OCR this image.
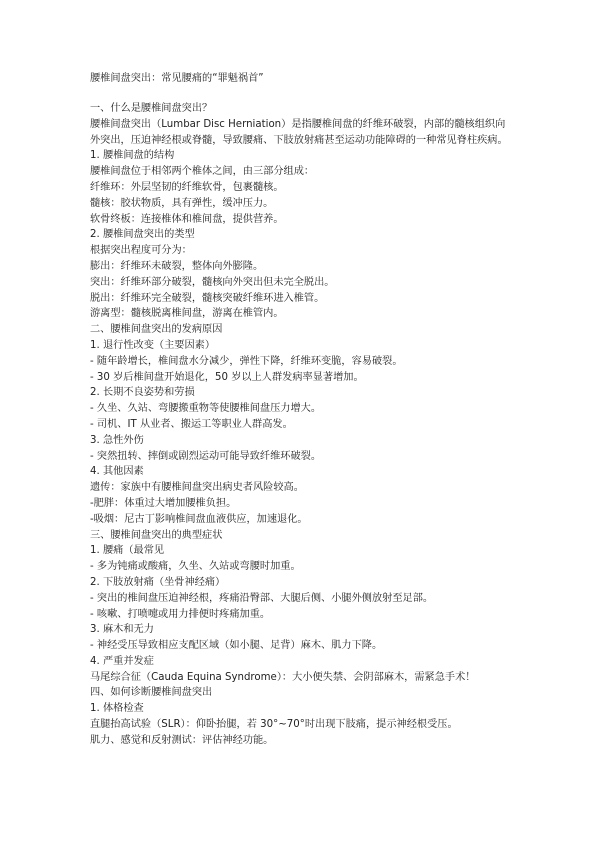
腰椎间盘突出：常见腰痛的“罪魁祸首”
一、什么是腰椎间盘突出？
腰椎间盘突出（Lumbar Disc Herniation）是指腰椎间盘的纤维环破裂，内部的髓核组织向
外突出，压迫神经根或脊髓，导致腰痛、下肢放射痛甚至运动功能障碍的一种常见脊柱疾病。
1. 腰椎间盘的结构
腰椎间盘位于相邻两个椎体之间，由三部分组成：
纤维环：外层坚韧的纤维软骨，包裹髓核。
髓核：胶状物质，具有弹性，缓冲压力。
软骨终板：连接椎体和椎间盘，提供营养。
2. 腰椎间盘突出的类型
根据突出程度可分为：
膨出：纤维环未破裂，整体向外膨隆。
突出：纤维环部分破裂，髓核向外突出但未完全脱出。
脱出：纤维环完全破裂，髓核突破纤维环进入椎管。
游离型：髓核脱离椎间盘，游离在椎管内。
二、腰椎间盘突出的发病原因
1. 退行性改变（主要因素）
- 随年龄增长，椎间盘水分减少，弹性下降，纤维环变脆，容易破裂。
- 30 岁后椎间盘开始退化，50 岁以上人群发病率显著增加。
2. 长期不良姿势和劳损
- 久坐、久站、弯腰搬重物等使腰椎间盘压力增大。
- 司机、IT 从业者、搬运工等职业人群高发。
3. 急性外伤
- 突然扭转、摔倒或剧烈运动可能导致纤维环破裂。
4. 其他因素
遗传：家族中有腰椎间盘突出病史者风险较高。
-肥胖：体重过大增加腰椎负担。
-吸烟：尼古丁影响椎间盘血液供应，加速退化。
三、腰椎间盘突出的典型症状
1. 腰痛（最常见
- 多为钝痛或酸痛，久坐、久站或弯腰时加重。
2. 下肢放射痛（坐骨神经痛）
- 突出的椎间盘压迫神经根，疼痛沿臀部、大腿后侧、小腿外侧放射至足部。
- 咳嗽、打喷嚏或用力排便时疼痛加重。
3. 麻木和无力
- 神经受压导致相应支配区域（如小腿、足背）麻木、肌力下降。
4. 严重并发症
马尾综合征（Cauda Equina Syndrome）：大小便失禁、会阴部麻木，需紧急手术！
四、如何诊断腰椎间盘突出
1. 体格检查
直腿抬高试验（SLR）：仰卧抬腿，若 30°~70°时出现下肢痛，提示神经根受压。
肌力、感觉和反射测试：评估神经功能。
